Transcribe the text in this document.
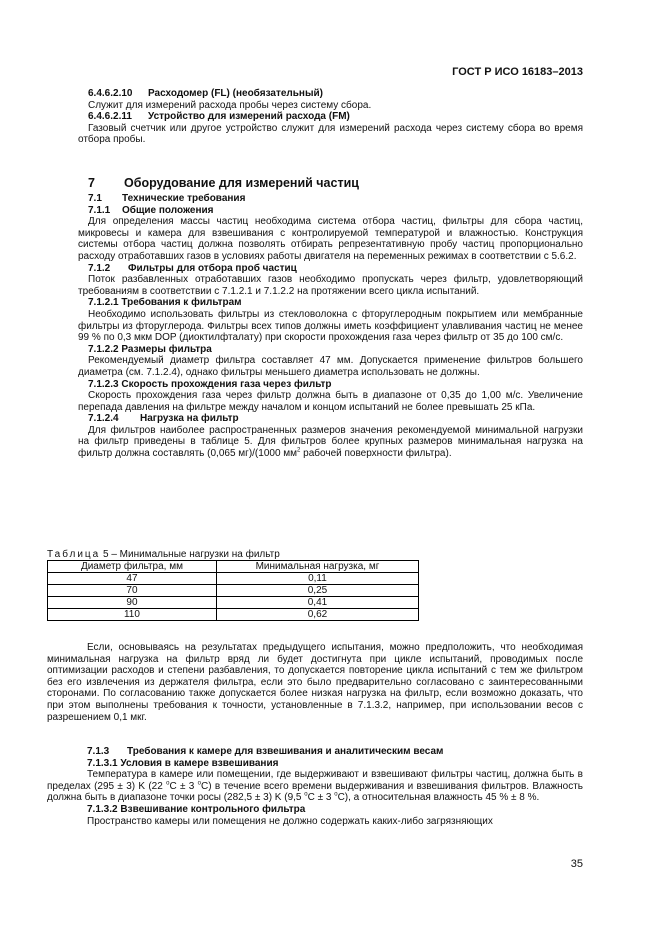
ГОСТ Р ИСО 16183–2013

6.4.6.2.10 Расходомер (FL) (необязательный)

Служит для измерений расхода пробы через систему сбора.

6.4.6.2.11 Устройство для измерений расхода (FM)

Газовый счетчик или другое устройство служит для измерений расхода через систему сбора во время отбора пробы.

7 Оборудование для измерений частиц

7.1 Технические требования

7.1.1 Общие положения

Для определения массы частиц необходима система отбора частиц, фильтры для сбора частиц, микровесы и камера для взвешивания с контролируемой температурой и влажностью. Конструкция системы отбора частиц должна позволять отбирать репрезентативную пробу частиц пропорционально расходу отработавших газов в условиях работы двигателя на переменных режимах в соответствии с 5.6.2.

7.1.2 Фильтры для отбора проб частиц

Поток разбавленных отработавших газов необходимо пропускать через фильтр, удовлетворяющий требованиям в соответствии с 7.1.2.1 и 7.1.2.2 на протяжении всего цикла испытаний.

7.1.2.1 Требования к фильтрам

Необходимо использовать фильтры из стекловолокна с фторуглеродным покрытием или мембранные фильтры из фторуглерода. Фильтры всех типов должны иметь коэффициент улавливания частиц не менее 99 % по 0,3 мкм DOP (диоктилфталату) при скорости прохождения газа через фильтр от 35 до 100 см/с.

7.1.2.2 Размеры фильтра

Рекомендуемый диаметр фильтра составляет 47 мм. Допускается применение фильтров большего диаметра (см. 7.1.2.4), однако фильтры меньшего диаметра использовать не должны.

7.1.2.3 Скорость прохождения газа через фильтр

Скорость прохождения газа через фильтр должна быть в диапазоне от 0,35 до 1,00 м/с. Увеличение перепада давления на фильтре между началом и концом испытаний не более превышать 25 кПа.

7.1.2.4 Нагрузка на фильтр

Для фильтров наиболее распространенных размеров значения рекомендуемой минимальной нагрузки на фильтр приведены в таблице 5. Для фильтров более крупных размеров минимальная нагрузка на фильтр должна составлять (0,065 мг)/(1000 $мм^2$ рабочей поверхности фильтра).

Таблица 5 – Минимальные нагрузки на фильтр
Диаметр фильтра, мм	Минимальная нагрузка, мг
47	0,11
70	0,25
90	0,41
110	0,62

Если, основываясь на результатах предыдущего испытания, можно предположить, что необходимая минимальная нагрузка на фильтр вряд ли будет достигнута при цикле испытаний, проводимых после оптимизации расходов и степени разбавления, то допускается повторение цикла испытаний с тем же фильтром без его извлечения из держателя фильтра, если это было предварительно согласовано с заинтересованными сторонами. По согласованию также допускается более низкая нагрузка на фильтр, если возможно доказать, что при этом выполнены требования к точности, установленные в 7.1.3.2, например, при использовании весов с разрешением 0,1 мкг.

7.1.3 Требования к камере для взвешивания и аналитическим весам

7.1.3.1 Условия в камере взвешивания

Температура в камере или помещении, где выдерживают и взвешивают фильтры частиц, должна быть в пределах (295 ± 3) K (22 $^o$C ± 3 $^o$C) в течение всего времени выдерживания и взвешивания фильтров. Влажность должна быть в диапазоне точки росы (282,5 ± 3) K (9,5 $^o$C ± 3 $^o$C), а относительная влажность 45 % ± 8 %.

7.1.3.2 Взвешивание контрольного фильтра

Пространство камеры или помещения не должно содержать каких-либо загрязняющих

35
